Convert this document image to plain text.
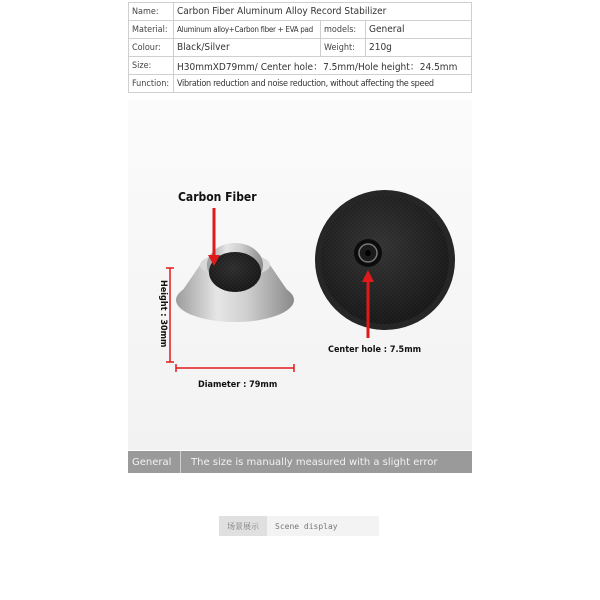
Name:	Carbon Fiber Aluminum Alloy Record Stabilizer		
Material:	Aluminum alloy+Carbon fiber + EVA pad	models:	General
Colour:	Black/Silver	Weight:	210g
Size:	H30mmXD79mm/ Center hole：7.5mm/Hole height：24.5mm		
Function:	Vibration reduction and noise reduction, without affecting the speed		
Carbon Fiber
Center hole : 7.5mm
Diameter : 79mm
Height : 30mm
General	The size is manually measured with a slight error
场景展示	Scene display
